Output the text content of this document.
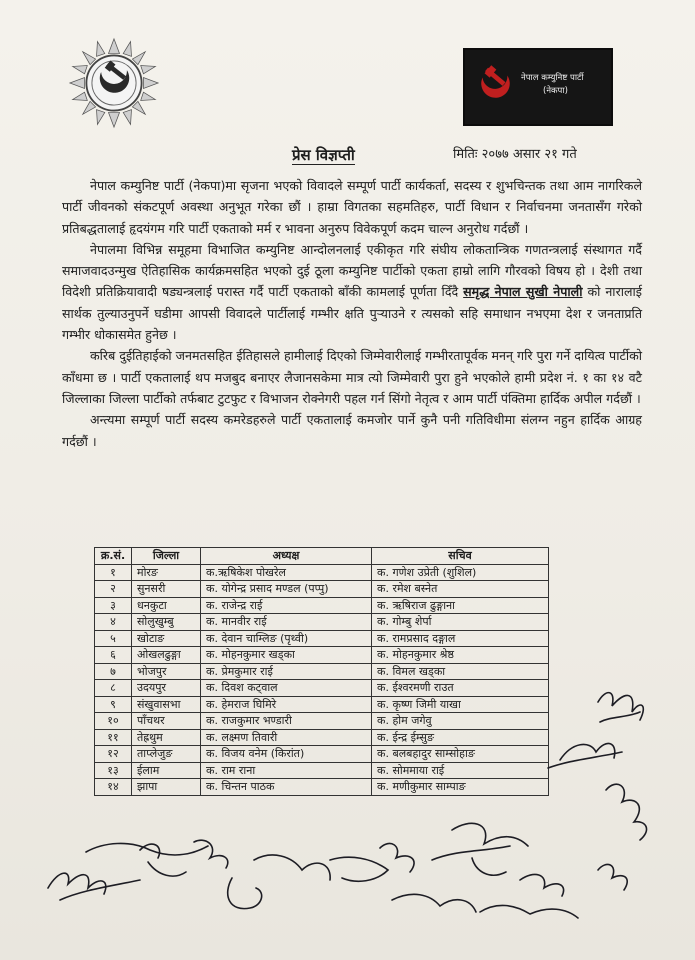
नेपाल कम्युनिष्ट पार्टी
(नेकपा)
प्रेस विज्ञप्ती	मितिः २०७७ असार २१ गते

नेपाल कम्युनिष्ट पार्टी (नेकपा)मा सृजना भएको विवादले सम्पूर्ण पार्टी कार्यकर्ता, सदस्य र शुभचिन्तक तथा आम नागरिकले पार्टी जीवनको संकटपूर्ण अवस्था अनुभूत गरेका छौं । हाम्रा विगतका सहमतिहरु, पार्टी विधान र निर्वाचनमा जनतासँग गरेको प्रतिबद्धतालाई हृदयंगम गरि पार्टी एकताको मर्म र भावना अनुरुप विवेकपूर्ण कदम चाल्न अनुरोध गर्दछौं ।

नेपालमा विभिन्न समूहमा विभाजित कम्युनिष्ट आन्दोलनलाई एकीकृत गरि संघीय लोकतान्त्रिक गणतन्त्रलाई संस्थागत गर्दै समाजवादउन्मुख ऐतिहासिक कार्यक्रमसहित भएको दुई ठूला कम्युनिष्ट पार्टीको एकता हाम्रो लागि गौरवको विषय हो । देशी तथा विदेशी प्रतिक्रियावादी षड्यन्त्रलाई परास्त गर्दै पार्टी एकताको बाँकी कामलाई पूर्णता दिँदै समृद्ध नेपाल सुखी नेपाली को नारालाई सार्थक तुल्याउनुपर्ने घडीमा आपसी विवादले पार्टीलाई गम्भीर क्षति पुऱ्याउने र त्यसको सहि समाधान नभएमा देश र जनताप्रति गम्भीर धोकासमेत हुनेछ ।

करिब दुईतिहाईको जनमतसहित ईतिहासले हामीलाई दिएको जिम्मेवारीलाई गम्भीरतापूर्वक मनन् गरि पुरा गर्ने दायित्व पार्टीको काँधमा छ । पार्टी एकतालाई थप मजबुद बनाएर लैजानसकेमा मात्र त्यो जिम्मेवारी पुरा हुने भएकोले हामी प्रदेश नं. १ का १४ वटै जिल्लाका जिल्ला पार्टीको तर्फबाट टुटफुट र विभाजन रोक्नेगरी पहल गर्न सिंगो नेतृत्व र आम पार्टी पंक्तिमा हार्दिक अपील गर्दछौं ।

अन्त्यमा सम्पूर्ण पार्टी सदस्य कमरेडहरुले पार्टी एकतालाई कमजोर पार्ने कुनै पनी गतिविधीमा संलग्न नहुन हार्दिक आग्रह गर्दछौं ।

क्र.सं.	जिल्ला	अध्यक्ष	सचिव
१	मोरङ	क.ऋषिकेश पोखरेल	क. गणेश उप्रेती (शुशिल)
२	सुनसरी	क. योगेन्द्र प्रसाद मण्डल (पप्पु)	क. रमेश बस्नेत
३	धनकुटा	क. राजेन्द्र राई	क. ऋषिराज ढुङ्गाना
४	सोलुखुम्बु	क. मानवीर राई	क. गोम्बु शेर्पा
५	खोटाङ	क. देवान चाम्लिङ (पृथ्वी)	क. रामप्रसाद दङ्गाल
६	ओखलढुङ्गा	क. मोहनकुमार खड्का	क. मोहनकुमार श्रेष्ठ
७	भोजपुर	क. प्रेमकुमार राई	क. विमल खड्का
८	उदयपुर	क. दिवश कट्वाल	क. ईश्वरमणी राउत
९	संखुवासभा	क. हेमराज घिमिरे	क. कृष्ण जिमी याखा
१०	पाँचथर	क. राजकुमार भण्डारी	क. होम जगेवु
११	तेह्रथुम	क. लक्ष्मण तिवारी	क. ईन्द्र ईम्सुङ
१२	ताप्लेजुङ	क. विजय वनेम (किरांत)	क. बलबहादुर साम्सोहाङ
१३	ईलाम	क. राम राना	क. सोममाया राई
१४	झापा	क. चिन्तन पाठक	क. मणीकुमार साम्पाङ
